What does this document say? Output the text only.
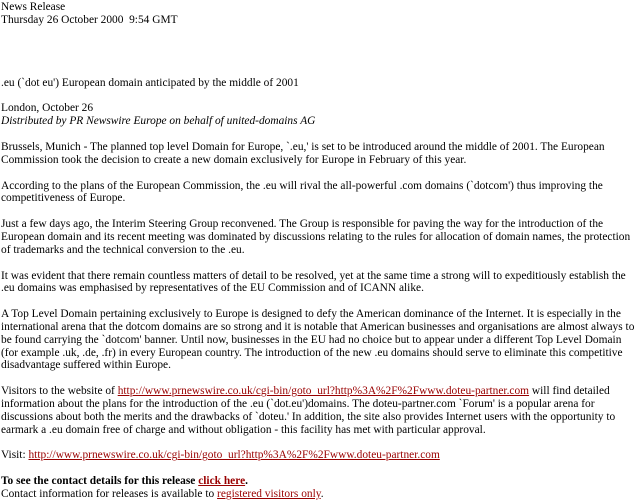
News Release
Thursday 26 October 2000  9:54 GMT

.eu (`dot eu') European domain anticipated by the middle of 2001

London, October 26

Distributed by PR Newswire Europe on behalf of united-domains AG

Brussels, Munich - The planned top level Domain for Europe, `.eu,' is set to be introduced around the middle of 2001. The European Commission took the decision to create a new domain exclusively for Europe in February of this year.

According to the plans of the European Commission, the .eu will rival the all-powerful .com domains (`dotcom') thus improving the competitiveness of Europe.

Just a few days ago, the Interim Steering Group reconvened. The Group is responsible for paving the way for the introduction of the European domain and its recent meeting was dominated by discussions relating to the rules for allocation of domain names, the protection of trademarks and the technical conversion to the .eu.

It was evident that there remain countless matters of detail to be resolved, yet at the same time a strong will to expeditiously establish the .eu domains was emphasised by representatives of the EU Commission and of ICANN alike.

A Top Level Domain pertaining exclusively to Europe is designed to defy the American dominance of the Internet. It is especially in the international arena that the dotcom domains are so strong and it is notable that American businesses and organisations are almost always to be found carrying the `dotcom' banner. Until now, businesses in the EU had no choice but to appear under a different Top Level Domain (for example .uk, .de, .fr) in every European country. The introduction of the new .eu domains should serve to eliminate this competitive disadvantage suffered within Europe.

Visitors to the website of http://www.prnewswire.co.uk/cgi-bin/goto_url?http%3A%2F%2Fwww.doteu-partner.com will find detailed information about the plans for the introduction of the .eu (`dot.eu')domains. The doteu-partner.com `Forum' is a popular arena for discussions about both the merits and the drawbacks of `doteu.' In addition, the site also provides Internet users with the opportunity to earmark a .eu domain free of charge and without obligation - this facility has met with particular approval.

Visit: http://www.prnewswire.co.uk/cgi-bin/goto_url?http%3A%2F%2Fwww.doteu-partner.com

To see the contact details for this release click here.

Contact information for releases is available to registered visitors only.
